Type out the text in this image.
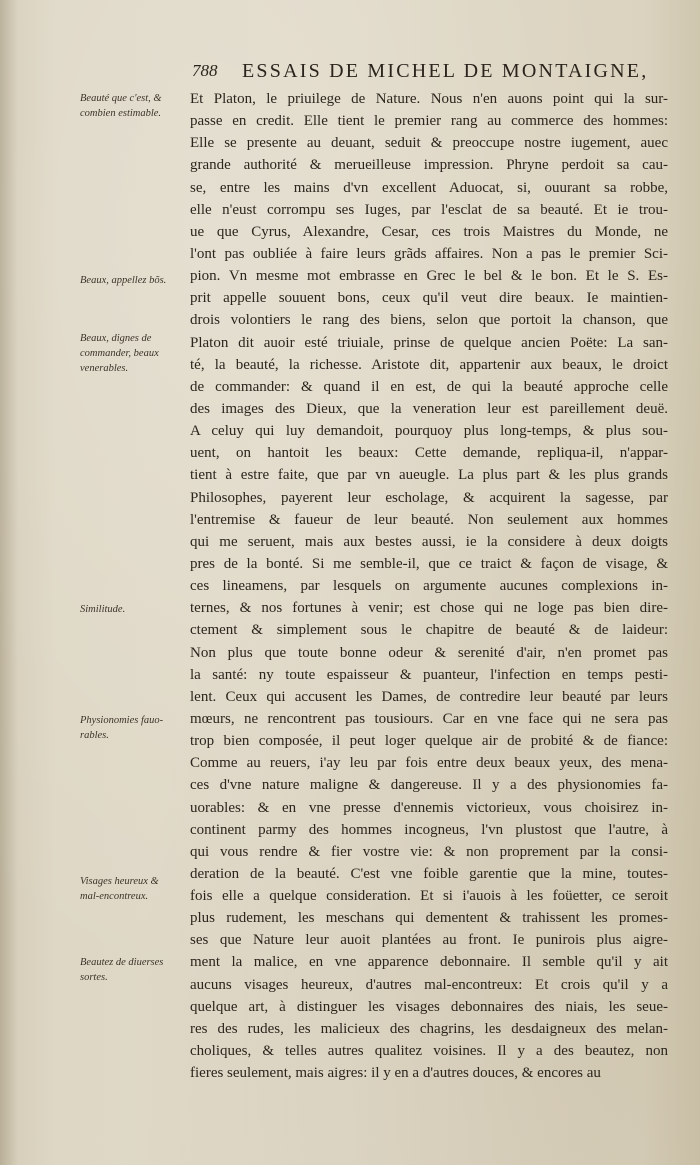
788 ESSAIS DE MICHEL DE MONTAIGNE,
Beauté que c'est, &
combien estimable.
Beaux, appellez bõs.
Beaux, dignes de
commander, beaux
venerables.
Similitude.
Physionomies fauo-
rables.
Visages heureux &
mal-encontreux.
Beautez de diuerses
sortes.
Et Platon, le priuilege de Nature. Nous n'en auons point qui la sur-
passe en credit. Elle tient le premier rang au commerce des hommes:
Elle se presente au deuant, seduit & preoccupe nostre iugement, auec
grande authorité & merueilleuse impression. Phryne perdoit sa cau-
se, entre les mains d'vn excellent Aduocat, si, ouurant sa robbe,
elle n'eust corrompu ses Iuges, par l'esclat de sa beauté. Et ie trou-
ue que Cyrus, Alexandre, Cesar, ces trois Maistres du Monde, ne
l'ont pas oubliée à faire leurs grãds affaires. Non a pas le premier Sci-
pion. Vn mesme mot embrasse en Grec le bel & le bon. Et le S. Es-
prit appelle souuent bons, ceux qu'il veut dire beaux. Ie maintien-
drois volontiers le rang des biens, selon que portoit la chanson, que
Platon dit auoir esté triuiale, prinse de quelque ancien Poëte: La san-
té, la beauté, la richesse. Aristote dit, appartenir aux beaux, le droict
de commander: & quand il en est, de qui la beauté approche celle
des images des Dieux, que la veneration leur est pareillement deuë.
A celuy qui luy demandoit, pourquoy plus long-temps, & plus sou-
uent, on hantoit les beaux: Cette demande, repliqua-il, n'appar-
tient à estre faite, que par vn aueugle. La plus part & les plus grands
Philosophes, payerent leur escholage, & acquirent la sagesse, par
l'entremise & faueur de leur beauté. Non seulement aux hommes
qui me seruent, mais aux bestes aussi, ie la considere à deux doigts
pres de la bonté. Si me semble-il, que ce traict & façon de visage, &
ces lineamens, par lesquels on argumente aucunes complexions in-
ternes, & nos fortunes à venir; est chose qui ne loge pas bien dire-
ctement & simplement sous le chapitre de beauté & de laideur:
Non plus que toute bonne odeur & serenité d'air, n'en promet pas
la santé: ny toute espaisseur & puanteur, l'infection en temps pesti-
lent. Ceux qui accusent les Dames, de contredire leur beauté par leurs
mœurs, ne rencontrent pas tousiours. Car en vne face qui ne sera pas
trop bien composée, il peut loger quelque air de probité & de fiance:
Comme au reuers, i'ay leu par fois entre deux beaux yeux, des mena-
ces d'vne nature maligne & dangereuse. Il y a des physionomies fa-
uorables: & en vne presse d'ennemis victorieux, vous choisirez in-
continent parmy des hommes incogneus, l'vn plustost que l'autre, à
qui vous rendre & fier vostre vie: & non proprement par la consi-
deration de la beauté. C'est vne foible garentie que la mine, toutes-
fois elle a quelque consideration. Et si i'auois à les foüetter, ce seroit
plus rudement, les meschans qui dementent & trahissent les promes-
ses que Nature leur auoit plantées au front. Ie punirois plus aigre-
ment la malice, en vne apparence debonnaire. Il semble qu'il y ait
aucuns visages heureux, d'autres mal-encontreux: Et crois qu'il y a
quelque art, à distinguer les visages debonnaires des niais, les seue-
res des rudes, les malicieux des chagrins, les desdaigneux des melan-
choliques, & telles autres qualitez voisines. Il y a des beautez, non
fieres seulement, mais aigres: il y en a d'autres douces, & encores au
